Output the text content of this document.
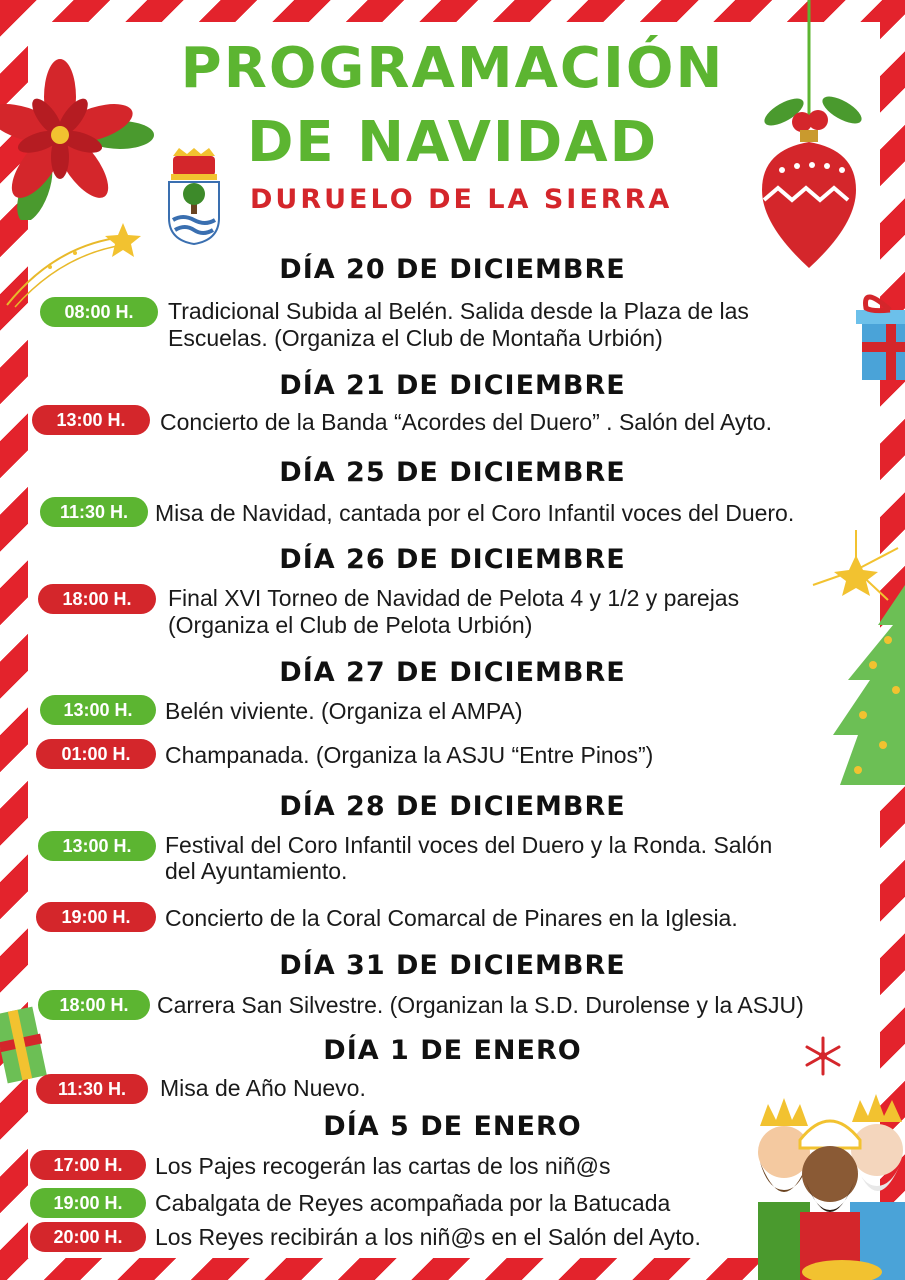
PROGRAMACIÓN
DE NAVIDAD
DURUELO DE LA SIERRA
DÍA 20 DE DICIEMBRE
08:00 H.	Tradicional Subida al Belén. Salida desde la Plaza de las
Escuelas. (Organiza el Club de Montaña Urbión)
DÍA 21 DE DICIEMBRE
13:00 H.	Concierto de la Banda “Acordes del Duero” . Salón del Ayto.
DÍA 25 DE DICIEMBRE
11:30 H.	Misa de Navidad, cantada por el Coro Infantil voces del Duero.
DÍA 26 DE DICIEMBRE
18:00 H.	Final XVI Torneo de Navidad de Pelota 4 y 1/2 y parejas
(Organiza el Club de Pelota Urbión)
DÍA 27 DE DICIEMBRE
13:00 H.	Belén viviente. (Organiza el AMPA)
01:00 H.	Champanada. (Organiza la ASJU “Entre Pinos”)
DÍA 28 DE DICIEMBRE
13:00 H.	Festival del Coro Infantil voces del Duero y la Ronda. Salón
del Ayuntamiento.
19:00 H.	Concierto de la Coral Comarcal de Pinares en la Iglesia.
DÍA 31 DE DICIEMBRE
18:00 H.	Carrera San Silvestre. (Organizan la S.D. Durolense y la ASJU)
DÍA 1 DE ENERO
11:30 H.	Misa de Año Nuevo.
DÍA 5 DE ENERO
17:00 H.	Los Pajes recogerán las cartas de los niñ@s
19:00 H.	Cabalgata de Reyes acompañada por la Batucada
20:00 H.	Los Reyes recibirán a los niñ@s en el Salón del Ayto.
